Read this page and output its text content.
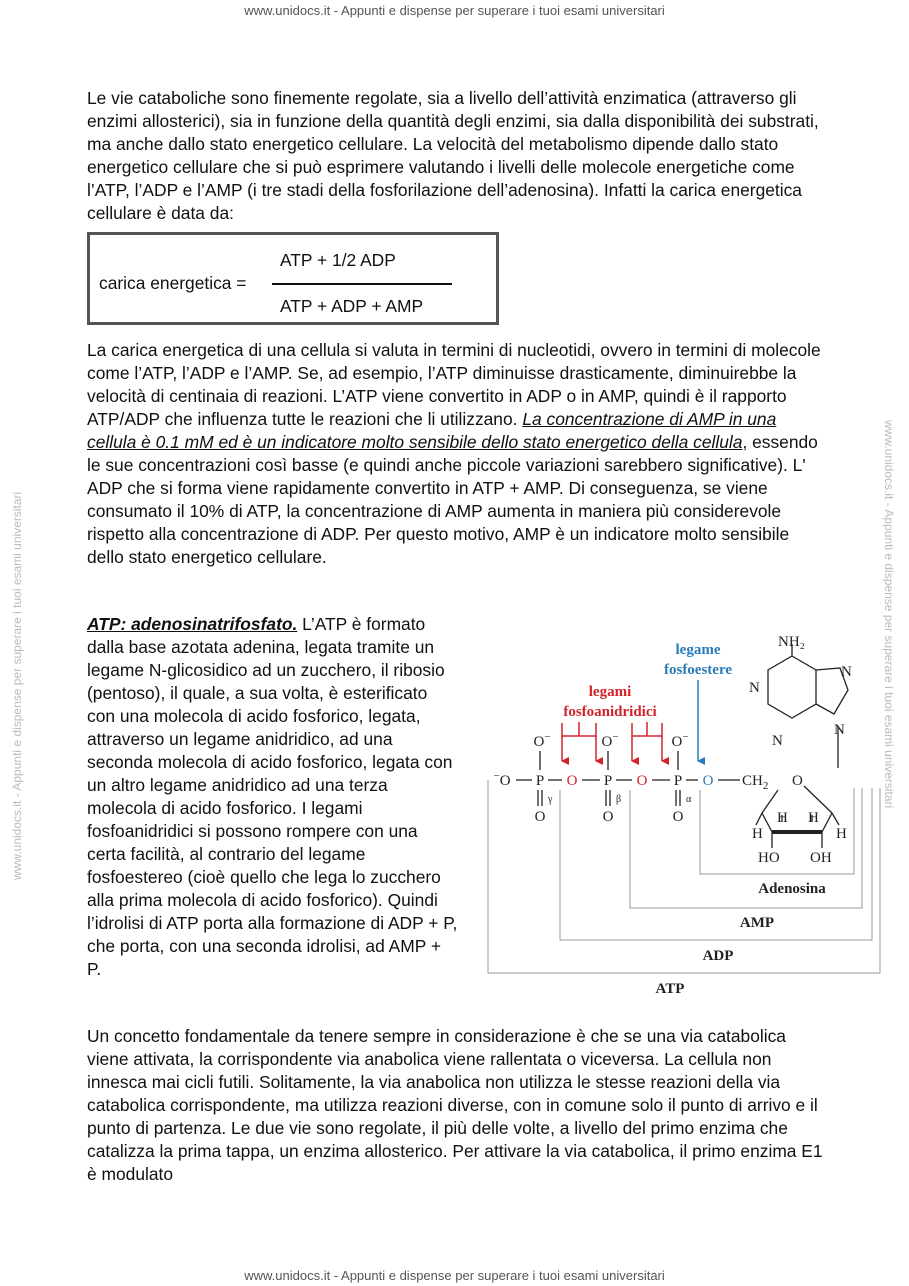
www.unidocs.it - Appunti e dispense per superare i tuoi esami universitari
www.unidocs.it - Appunti e dispense per superare i tuoi esami universitari	www.unidocs.it - Appunti e dispense per superare i tuoi esami universitari

Le vie cataboliche sono finemente regolate, sia a livello dell’attività enzimatica (attraverso gli enzimi allosterici), sia in funzione della quantità degli enzimi, sia dalla disponibilità dei substrati, ma anche dallo stato energetico cellulare. La velocità del metabolismo dipende dallo stato energetico cellulare che si può esprimere valutando i livelli delle molecole energetiche come l’ATP, l’ADP e l’AMP (i tre stadi della fosforilazione dell’adenosina). Infatti la carica energetica cellulare è data da:

carica energetica =
ATP + 1/2 ADP
ATP + ADP + AMP

La carica energetica di una cellula si valuta in termini di nucleotidi, ovvero in termini di molecole come l’ATP, l’ADP e l’AMP. Se, ad esempio, l’ATP diminuisse drasticamente, diminuirebbe la velocità di centinaia di reazioni. L’ATP viene convertito in ADP o in AMP, quindi è il rapporto ATP/ADP che influenza tutte le reazioni che li utilizzano. La concentrazione di AMP in una cellula è 0.1 mM ed è un indicatore molto sensibile dello stato energetico della cellula, essendo le sue concentrazioni così basse (e quindi anche piccole variazioni sarebbero significative). L' ADP che si forma viene rapidamente convertito in ATP + AMP. Di conseguenza, se viene consumato il 10% di ATP, la concentrazione di AMP aumenta in maniera più considerevole rispetto alla concentrazione di ADP. Per questo motivo, AMP è un indicatore molto sensibile dello stato energetico cellulare.

ATP: adenosinatrifosfato. L’ATP è formato dalla base azotata adenina, legata tramite un legame N-glicosidico ad un zucchero, il ribosio (pentoso), il quale, a sua volta, è esterificato con una molecola di acido fosforico, legata, attraverso un legame anidridico, ad una seconda molecola di acido fosforico, legata con un altro legame anidridico ad una terza molecola di acido fosforico. I legami fosfoanidridici si possono rompere con una certa facilità, al contrario del legame fosfoestereo (cioè quello che lega lo zucchero alla prima molecola di acido fosforico). Quindi l’idrolisi di ATP porta alla formazione di ADP + P, che porta, con una seconda idrolisi, ad AMP + P.

legame
fosfoestere
legami
fosfoanidridici
O−	O−	O−
−O P
γ
O P
β
O P
α
O
O	O	O
$CH_2$ O
H
H H
H
HO OH
NH₂
N
N
N
N
Adenosina
AMP
ADP
ATP

Un concetto fondamentale da tenere sempre in considerazione è che se una via catabolica viene attivata, la corrispondente via anabolica viene rallentata o viceversa. La cellula non innesca mai cicli futili. Solitamente, la via anabolica non utilizza le stesse reazioni della via catabolica corrispondente, ma utilizza reazioni diverse, con in comune solo il punto di arrivo e il punto di partenza. Le due vie sono regolate, il più delle volte, a livello del primo enzima che catalizza la prima tappa, un enzima allosterico. Per attivare la via catabolica, il primo enzima E1 è modulato

www.unidocs.it - Appunti e dispense per superare i tuoi esami universitari
